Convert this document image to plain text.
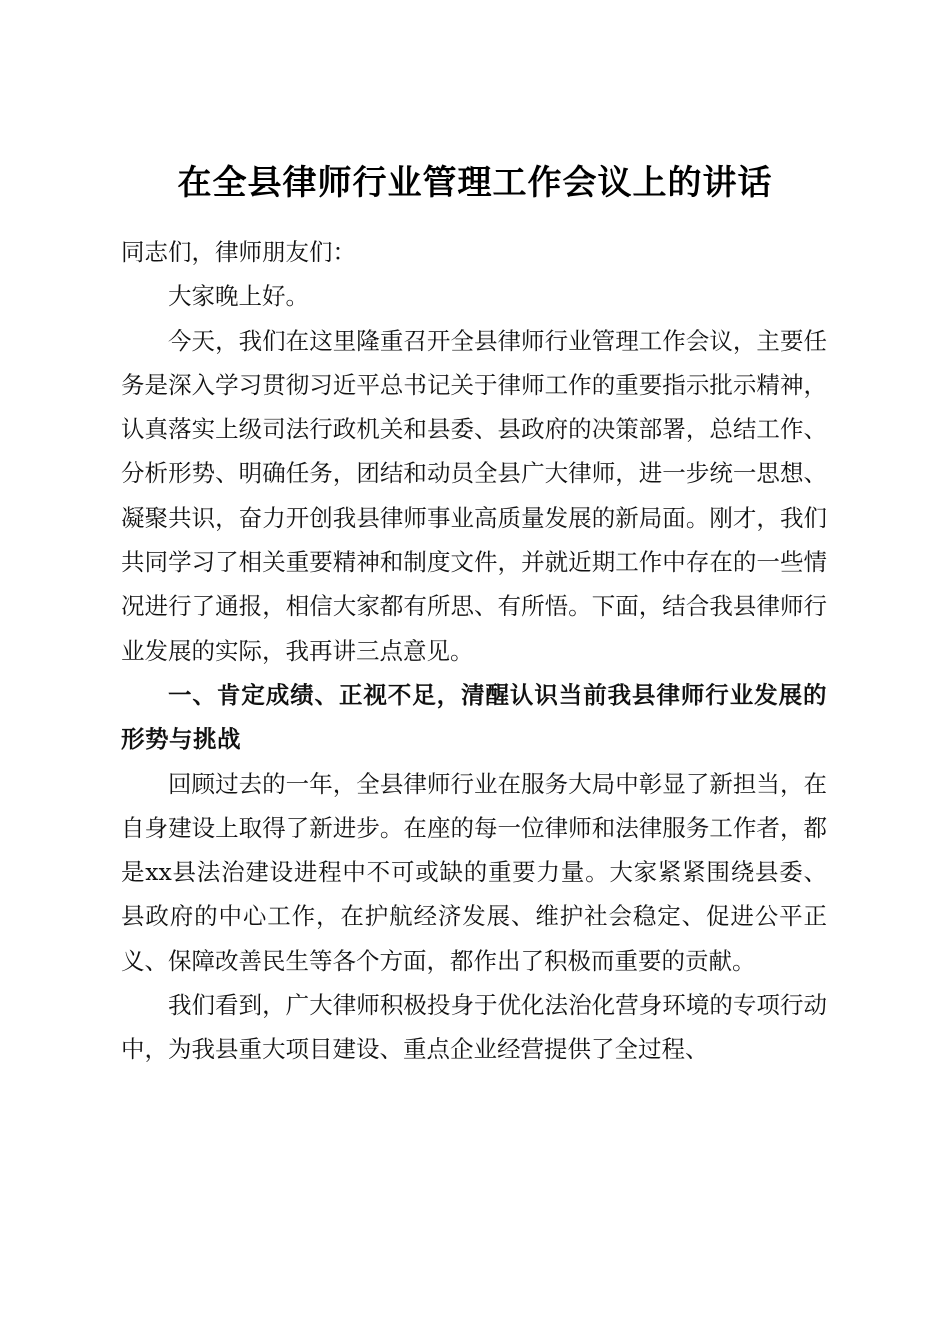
在全县律师行业管理工作会议上的讲话

同志们，律师朋友们：

大家晚上好。

今天，我们在这里隆重召开全县律师行业管理工作会议，主要任务是深入学习贯彻习近平总书记关于律师工作的重要指示批示精神，认真落实上级司法行政机关和县委、县政府的决策部署，总结工作、分析形势、明确任务，团结和动员全县广大律师，进一步统一思想、凝聚共识，奋力开创我县律师事业高质量发展的新局面。刚才，我们共同学习了相关重要精神和制度文件，并就近期工作中存在的一些情况进行了通报，相信大家都有所思、有所悟。下面，结合我县律师行业发展的实际，我再讲三点意见。

一、肯定成绩、正视不足，清醒认识当前我县律师行业发展的形势与挑战

回顾过去的一年，全县律师行业在服务大局中彰显了新担当，在自身建设上取得了新进步。在座的每一位律师和法律服务工作者，都是xx县法治建设进程中不可或缺的重要力量。大家紧紧围绕县委、县政府的中心工作，在护航经济发展、维护社会稳定、促进公平正义、保障改善民生等各个方面，都作出了积极而重要的贡献。

我们看到，广大律师积极投身于优化法治化营身环境的专项行动中，为我县重大项目建设、重点企业经营提供了全过程、
